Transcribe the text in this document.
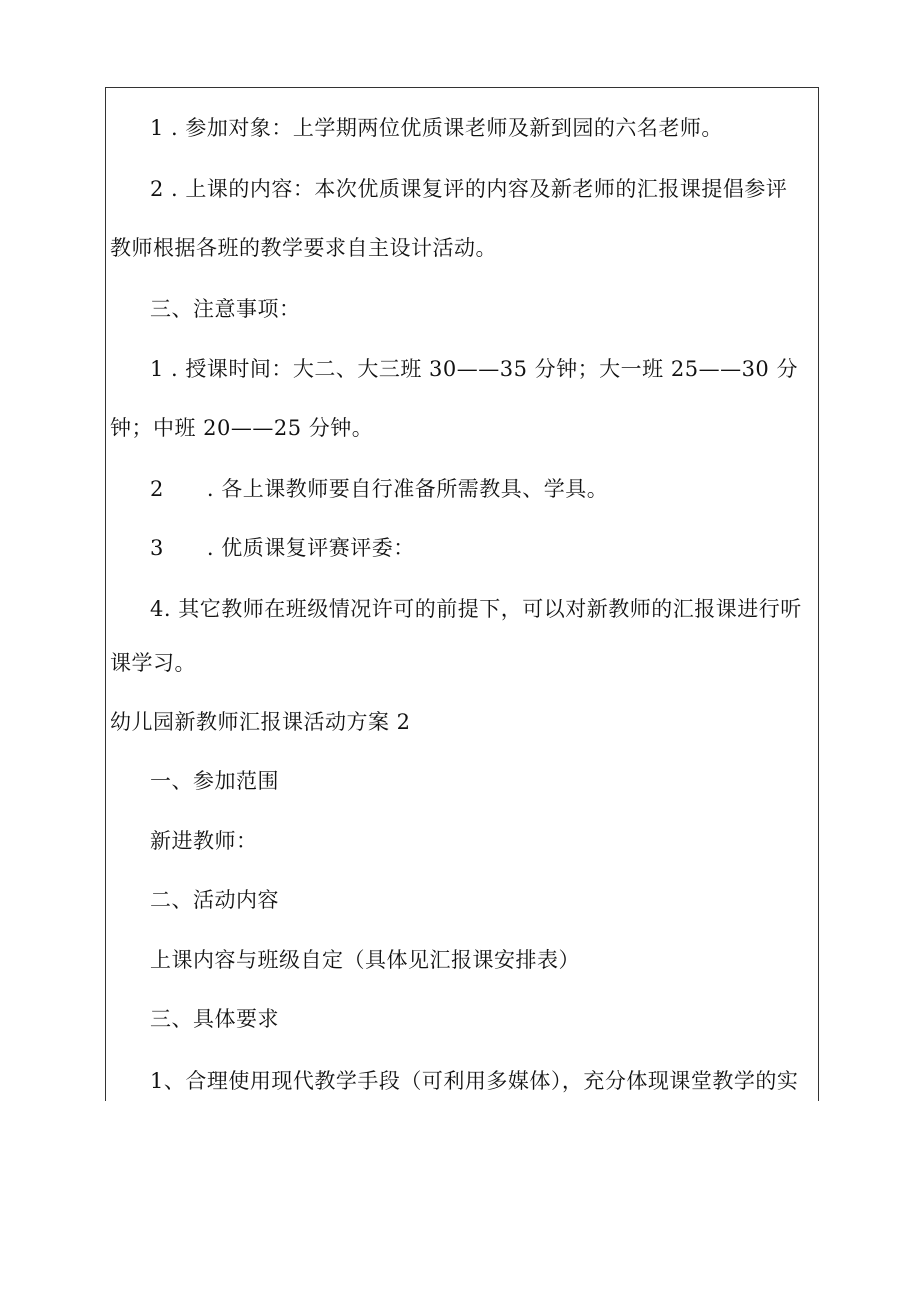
1 . 参加对象：上学期两位优质课老师及新到园的六名老师。
2 . 上课的内容：本次优质课复评的内容及新老师的汇报课提倡参评
教师根据各班的教学要求自主设计活动。
三、注意事项：
1 . 授课时间：大二、大三班 30——35 分钟；大一班 25——30 分
钟；中班 20——25 分钟。
2　　. 各上课教师要自行准备所需教具、学具。
3　　. 优质课复评赛评委：
4. 其它教师在班级情况许可的前提下，可以对新教师的汇报课进行听
课学习。
幼儿园新教师汇报课活动方案 2
一、参加范围
新进教师：
二、活动内容
上课内容与班级自定（具体见汇报课安排表）
三、具体要求
1、合理使用现代教学手段（可利用多媒体），充分体现课堂教学的实
